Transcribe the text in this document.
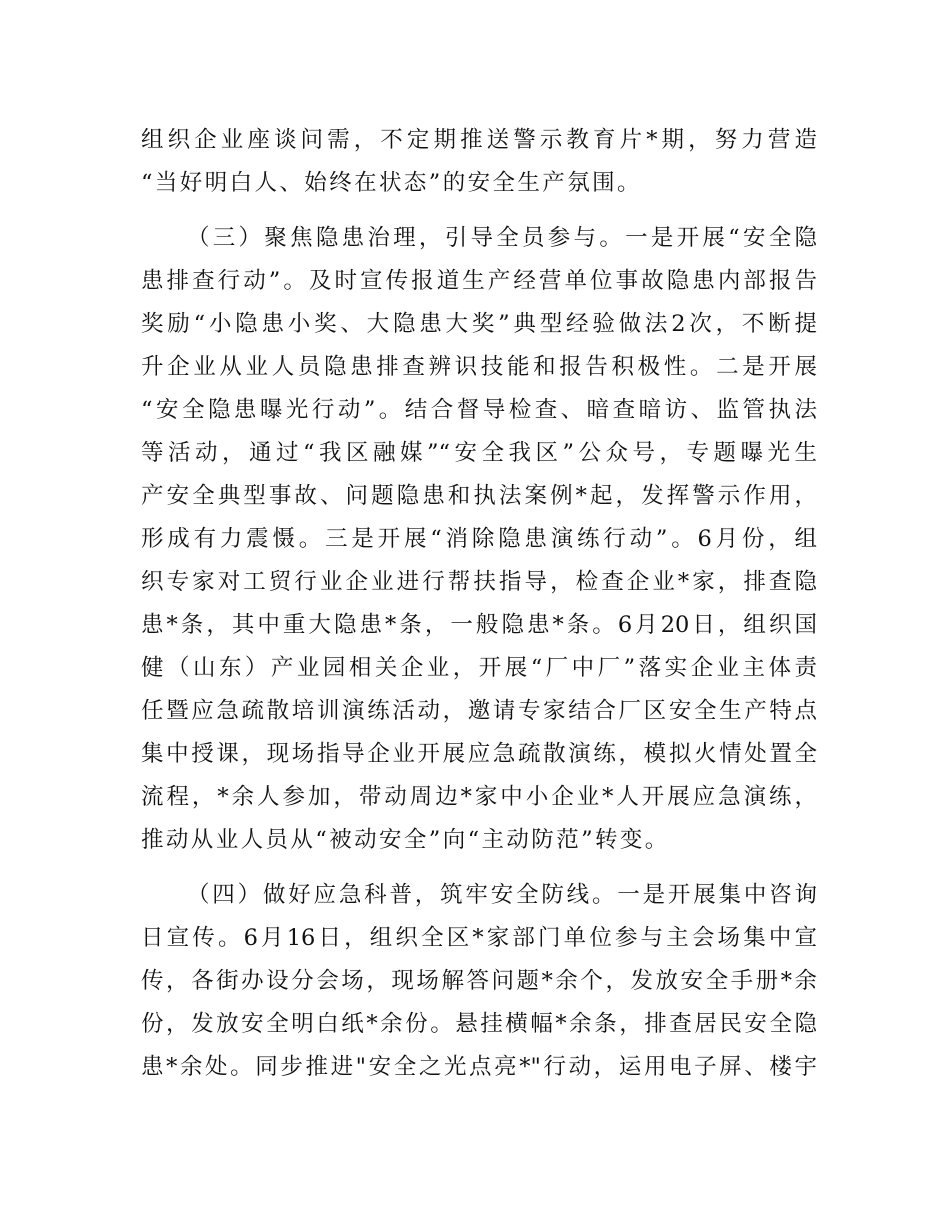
组织企业座谈问需，不定期推送警示教育片*期，努力营造
“当好明白人、始终在状态”的安全生产氛围。
（三）聚焦隐患治理，引导全员参与。一是开展“安全隐
患排查行动”。及时宣传报道生产经营单位事故隐患内部报告
奖励“小隐患小奖、大隐患大奖”典型经验做法2次，不断提
升企业从业人员隐患排查辨识技能和报告积极性。二是开展
“安全隐患曝光行动”。结合督导检查、暗查暗访、监管执法
等活动，通过“我区融媒”“安全我区”公众号，专题曝光生
产安全典型事故、问题隐患和执法案例*起，发挥警示作用，
形成有力震慑。三是开展“消除隐患演练行动”。6月份，组
织专家对工贸行业企业进行帮扶指导，检查企业*家，排查隐
患*条，其中重大隐患*条，一般隐患*条。6月20日，组织国
健（山东）产业园相关企业，开展“厂中厂”落实企业主体责
任暨应急疏散培训演练活动，邀请专家结合厂区安全生产特点
集中授课，现场指导企业开展应急疏散演练，模拟火情处置全
流程，*余人参加，带动周边*家中小企业*人开展应急演练，
推动从业人员从“被动安全”向“主动防范”转变。
（四）做好应急科普，筑牢安全防线。一是开展集中咨询
日宣传。6月16日，组织全区*家部门单位参与主会场集中宣
传，各街办设分会场，现场解答问题*余个，发放安全手册*余
份，发放安全明白纸*余份。悬挂横幅*余条，排查居民安全隐
患*余处。同步推进"安全之光点亮*"行动，运用电子屏、楼宇
